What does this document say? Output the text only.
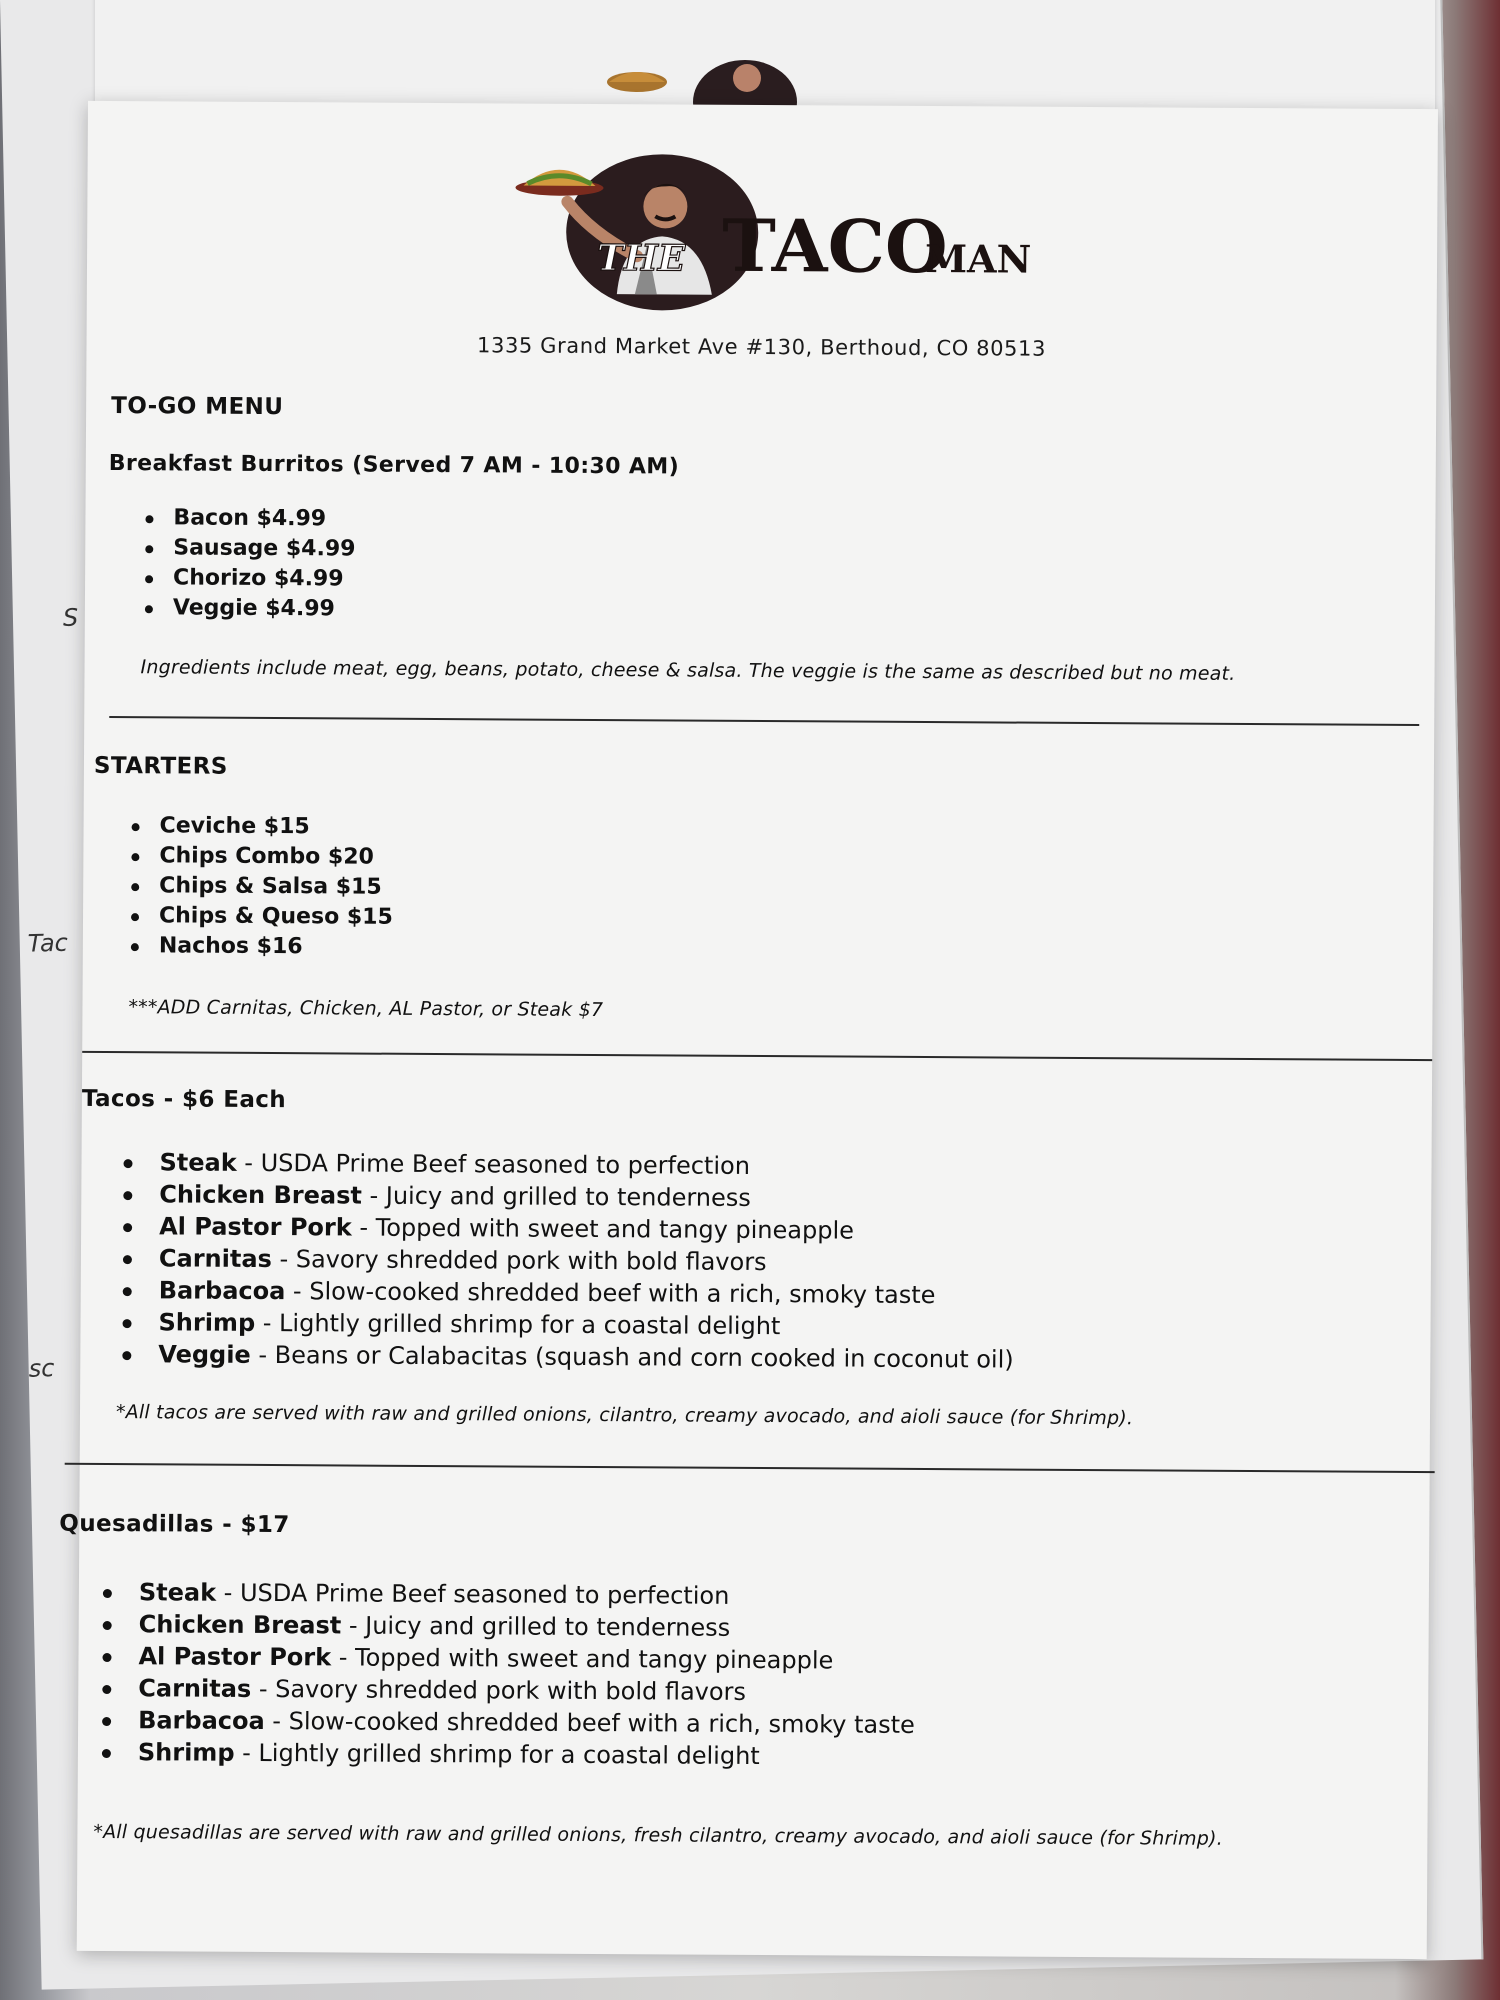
S
Tac
sc
THE TACO
MAN
1335 Grand Market Ave #130, Berthoud, CO 80513
TO-GO MENU
Breakfast Burritos (Served 7 AM - 10:30 AM)
Bacon $4.99
Sausage $4.99
Chorizo $4.99
Veggie $4.99
Ingredients include meat, egg, beans, potato, cheese & salsa. The veggie is the same as described but no meat.
STARTERS
Ceviche $15
Chips Combo $20
Chips & Salsa $15
Chips & Queso $15
Nachos $16
***ADD Carnitas, Chicken, AL Pastor, or Steak $7
Tacos - $6 Each
Steak - USDA Prime Beef seasoned to perfection
Chicken Breast - Juicy and grilled to tenderness
Al Pastor Pork - Topped with sweet and tangy pineapple
Carnitas - Savory shredded pork with bold flavors
Barbacoa - Slow-cooked shredded beef with a rich, smoky taste
Shrimp - Lightly grilled shrimp for a coastal delight
Veggie - Beans or Calabacitas (squash and corn cooked in coconut oil)
*All tacos are served with raw and grilled onions, cilantro, creamy avocado, and aioli sauce (for Shrimp).
Quesadillas - $17
Steak - USDA Prime Beef seasoned to perfection
Chicken Breast - Juicy and grilled to tenderness
Al Pastor Pork - Topped with sweet and tangy pineapple
Carnitas - Savory shredded pork with bold flavors
Barbacoa - Slow-cooked shredded beef with a rich, smoky taste
Shrimp - Lightly grilled shrimp for a coastal delight
*All quesadillas are served with raw and grilled onions, fresh cilantro, creamy avocado, and aioli sauce (for Shrimp).
